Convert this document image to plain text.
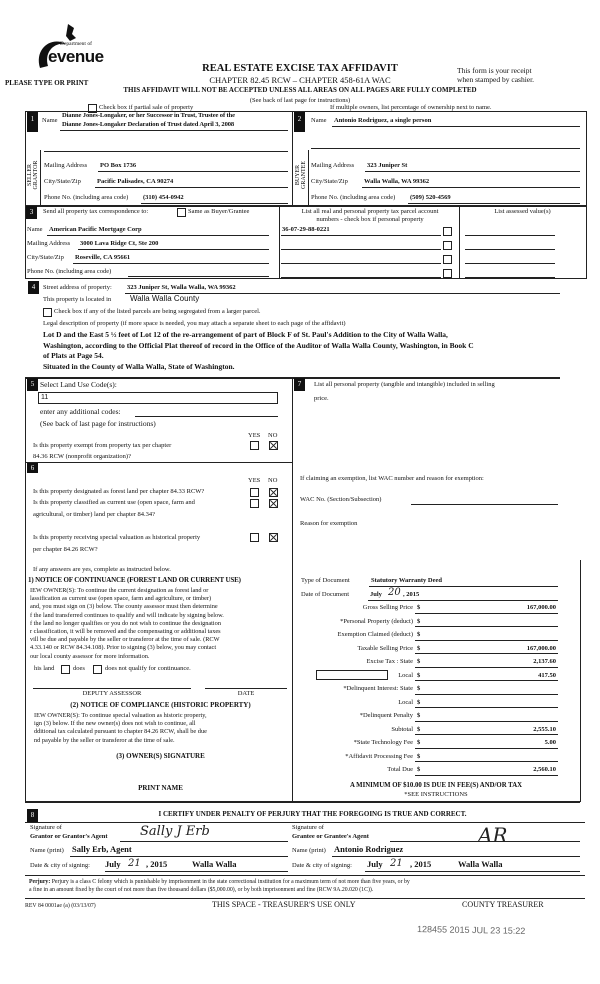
Department of
evenue
PLEASE TYPE OR PRINT
REAL ESTATE EXCISE TAX AFFIDAVIT
CHAPTER 82.45 RCW – CHAPTER 458-61A WAC
This form is your receipt
when stamped by cashier.
THIS AFFIDAVIT WILL NOT BE ACCEPTED UNLESS ALL AREAS ON ALL PAGES ARE FULLY COMPLETED
(See back of last page for instructions)
Check box if partial sale of property	If multiple owners, list percentage of ownership next to name.
1	2
SELLER GRANTOR	BUYER GRANTEE
Name
Dianne Jones-Longaker, or her Successor in Trust, Trustee of the
Dianne Jones-Longaker Declaration of Trust dated April 3, 2008
Mailing Address PO Box 1736
City/State/Zip Pacific Palisades, CA 90274
Phone No. (including area code) (310) 454-0942
Name Antonio Rodriguez, a single person
Mailing Address 323 Juniper St
City/State/Zip Walla Walla, WA 99362
Phone No. (including area code) (509) 520-4569
3	Send all property tax correspondence to:	Same as Buyer/Grantee
Name American Pacific Mortgage Corp
Mailing Address 3000 Lava Ridge Ct, Ste 200
City/State/Zip Roseville, CA 95661
Phone No. (including area code)
List all real and personal property tax parcel account
numbers - check box if personal property
List assessed value(s)
36-07-29-88-0221
4	Street address of property: 323 Juniper St, Walla Walla, WA 99362
This property is located in Walla Walla County
Check box if any of the listed parcels are being segregated from a larger parcel.
Legal description of property (if more space is needed, you may attach a separate sheet to each page of the affidavit)
Lot D and the East 5 ½ feet of Lot 12 of the re-arrangement of part of Block F of St. Paul's Addition to the City of Walla Walla,
Washington, according to the Official Plat thereof of record in the Office of the Auditor of Walla Walla County, Washington, in Book C
of Plats at Page 54.
Situated in the County of Walla Walla, State of Washington.
5 Select Land Use Code(s):
11
enter any additional codes:
(See back of last page for instructions)
YES NO
Is this property exempt from property tax per chapter
84.36 RCW (nonprofit organization)?
6
YES NO
Is this property designated as forest land per chapter 84.33 RCW?
Is this property classified as current use (open space, farm and
agricultural, or timber) land per chapter 84.34?
Is this property receiving special valuation as historical property
per chapter 84.26 RCW?
If any answers are yes, complete as instructed below.
1) NOTICE OF CONTINUANCE (FOREST LAND OR CURRENT USE)
IEW OWNER(S): To continue the current designation as forest land or
lassification as current use (open space, farm and agriculture, or timber)
and, you must sign on (3) below. The county assessor must then determine
f the land transferred continues to qualify and will indicate by signing below.
f the land no longer qualifies or you do not wish to continue the designation
r classification, it will be removed and the compensating or additional taxes
vill be due and payable by the seller or transferor at the time of sale. (RCW
4.33.140 or RCW 84.34.108). Prior to signing (3) below, you may contact
our local county assessor for more information.
his land	does	does not qualify for continuance.
DEPUTY ASSESSOR	DATE
(2) NOTICE OF COMPLIANCE (HISTORIC PROPERTY)
IEW OWNER(S): To continue special valuation as historic property,
ign (3) below. If the new owner(s) does not wish to continue, all
dditional tax calculated pursuant to chapter 84.26 RCW, shall be due
nd payable by the seller or transferor at the time of sale.
(3) OWNER(S) SIGNATURE
PRINT NAME
7	List all personal property (tangible and intangible) included in selling
price.
If claiming an exemption, list WAC number and reason for exemption:
WAC No. (Section/Subsection)
Reason for exemption
Type of Document	Statutory Warranty Deed
Date of Document	July 20 , 2015
Gross Selling Price $	167,000.00
*Personal Property (deduct) $
Exemption Claimed (deduct) $
Taxable Selling Price $	167,000.00
Excise Tax : State $	2,137.60
Local $	417.50
*Delinquent Interest: State $
Local $
*Delinquent Penalty $
Subtotal $	2,555.10
*State Technology Fee $	5.00
*Affidavit Processing Fee $
Total Due $	2,560.10
A MINIMUM OF $10.00 IS DUE IN FEE(S) AND/OR TAX
*SEE INSTRUCTIONS
8	I CERTIFY UNDER PENALTY OF PERJURY THAT THE FOREGOING IS TRUE AND CORRECT.
Signature of
Grantor or Grantor's Agent Sally J Erb
Name (print) Sally Erb, Agent
Date & city of signing: July 21 , 2015	Walla Walla
Signature of
Grantee or Grantee's Agent	AR
Name (print) Antonio Rodriguez
Date & city of signing: July 21 , 2015	Walla Walla
Perjury: Perjury is a class C felony which is punishable by imprisonment in the state correctional institution for a maximum term of not more than five years, or by
a fine in an amount fixed by the court of not more than five thousand dollars ($5,000.00), or by both imprisonment and fine (RCW 9A.20.020 (1C)).
REV 84 0001ae (a) (03/13/07)	THIS SPACE - TREASURER'S USE ONLY	COUNTY TREASURER
128455 2015 JUL 23 15:22
